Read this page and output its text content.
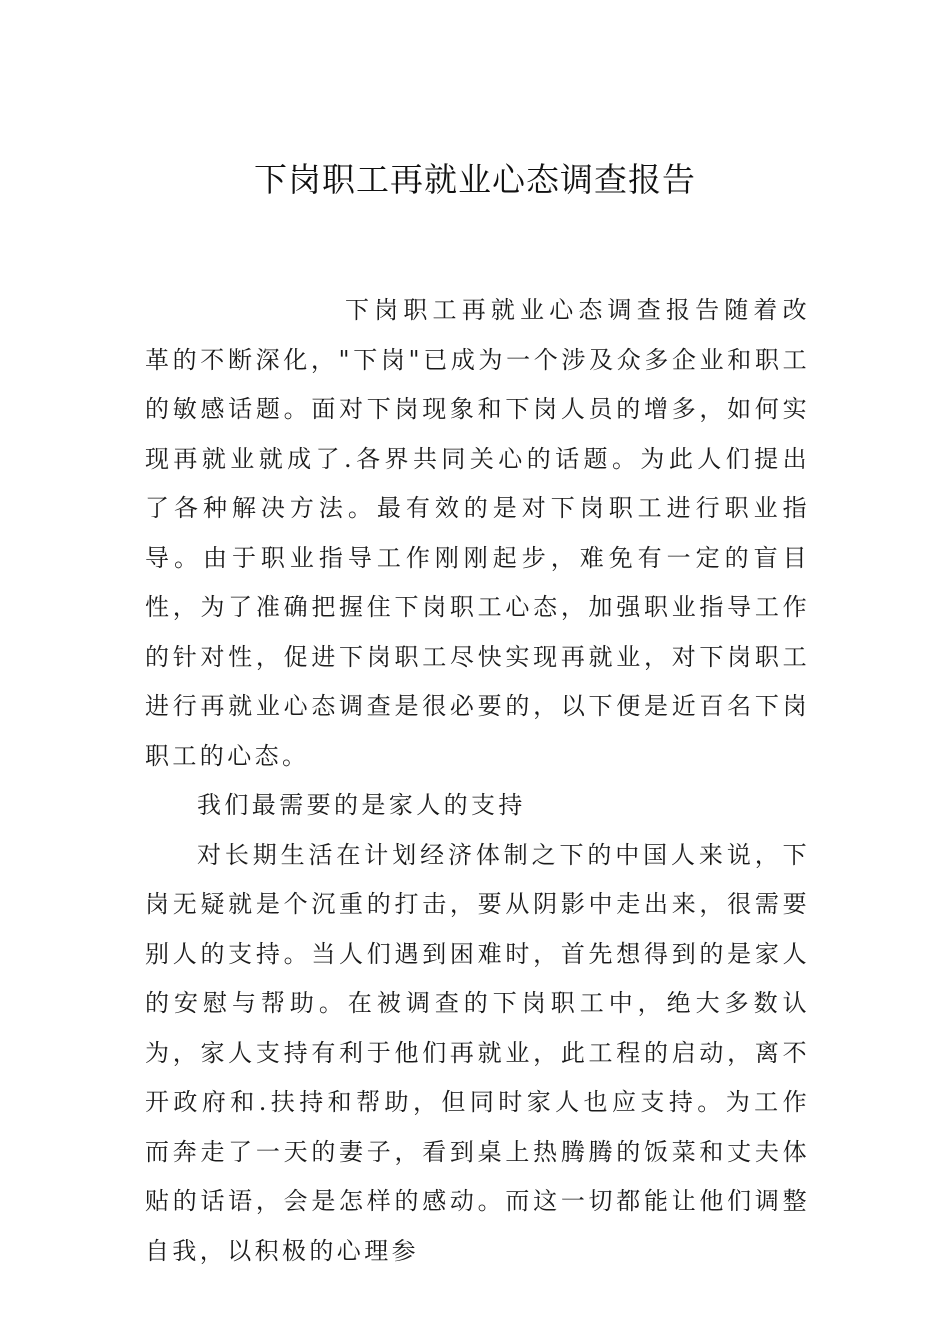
下岗职工再就业心态调查报告

下岗职工再就业心态调查报告随着改革的不断深化，"下岗"已成为一个涉及众多企业和职工的敏感话题。面对下岗现象和下岗人员的增多，如何实现再就业就成了.各界共同关心的话题。为此人们提出了各种解决方法。最有效的是对下岗职工进行职业指导。由于职业指导工作刚刚起步，难免有一定的盲目性，为了准确把握住下岗职工心态，加强职业指导工作的针对性，促进下岗职工尽快实现再就业，对下岗职工进行再就业心态调查是很必要的，以下便是近百名下岗职工的心态。

我们最需要的是家人的支持

对长期生活在计划经济体制之下的中国人来说，下岗无疑就是个沉重的打击，要从阴影中走出来，很需要别人的支持。当人们遇到困难时，首先想得到的是家人的安慰与帮助。在被调查的下岗职工中，绝大多数认为，家人支持有利于他们再就业，此工程的启动，离不开政府和.扶持和帮助，但同时家人也应支持。为工作而奔走了一天的妻子，看到桌上热腾腾的饭菜和丈夫体贴的话语，会是怎样的感动。而这一切都能让他们调整自我，以积极的心理参
